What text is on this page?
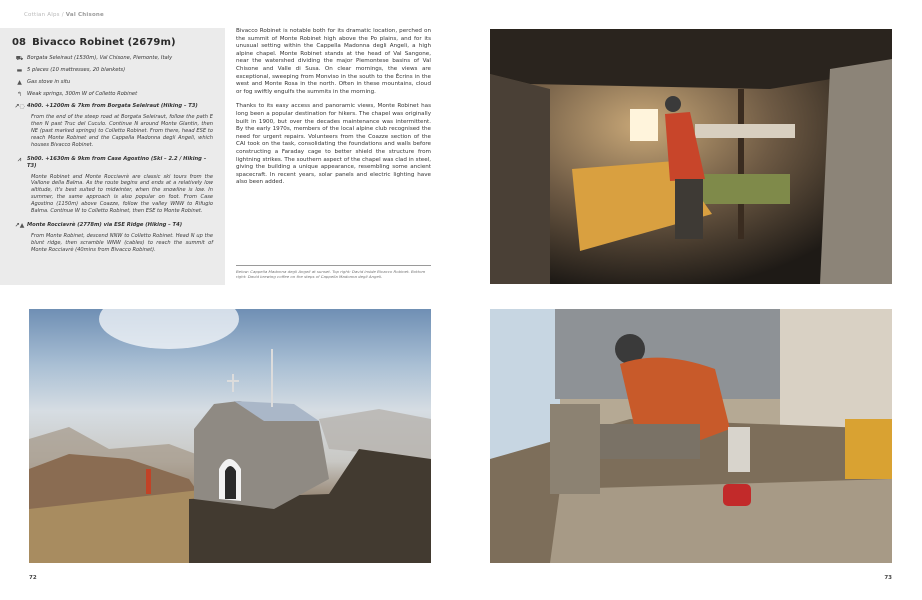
Cottian Alps / Val Chisone
08 Bivacco Robinet (2679m)
⛟ Borgata Seleiraut (1530m), Val Chisone, Piemonte, Italy
▬ 5 places (10 mattresses, 20 blankets)
▲ Gas stove in situ
↰ Weak springs, 300m W of Colletto Robinet
↗◌ 4h00. +1200m & 7km from Borgata Seleiraut (Hiking – T3)

From the end of the steep road at Borgata Seleiraut, follow the path E then N past Truc del Cuculo. Continue N around Monte Glantin, then NE (past marked springs) to Colletto Robinet. From there, head ESE to reach Monte Robinet and the Cappella Madonna degli Angeli, which houses Bivacco Robinet.

⩘	5h00. +1630m & 9km from Case Agostino (Ski – 2.2 / Hiking – T3)

Monte Robinet and Monte Rocciavrè are classic ski tours from the Vallone della Balma. As the route begins and ends at a relatively low altitude, it's best suited to midwinter, when the snowline is low. In summer, the same approach is also popular on foot. From Case Agostino (1150m) above Coazze, follow the valley WNW to Rifugio Balma. Continue W to Colletto Robinet, then ESE to Monte Robinet.

↗▲ Monte Rocciavrè (2778m) via ESE Ridge (Hiking – T4)

From Monte Robinet, descend NNW to Colletto Robinet. Head N up the blunt ridge, then scramble WNW (cables) to reach the summit of Monte Rocciavrè (40mins from Bivacco Robinet).

Bivacco Robinet is notable both for its dramatic location, perched on the summit of Monte Robinet high above the Po plains, and for its unusual setting within the Cappella Madonna degli Angeli, a high alpine chapel. Monte Robinet stands at the head of Val Sangone, near the watershed dividing the major Piemontese basins of Val Chisone and Valle di Susa. On clear mornings, the views are exceptional, sweeping from Monviso in the south to the Écrins in the west and Monte Rosa in the north. Often in these mountains, cloud or fog swiftly engulfs the summits in the morning.

Thanks to its easy access and panoramic views, Monte Robinet has long been a popular destination for hikers. The chapel was originally built in 1900, but over the decades maintenance was intermittent. By the early 1970s, members of the local alpine club recognised the need for urgent repairs. Volunteers from the Coazze section of the CAI took on the task, consolidating the foundations and walls before constructing a Faraday cage to better shield the structure from lightning strikes. The southern aspect of the chapel was clad in steel, giving the building a unique appearance, resembling some ancient spacecraft. In recent years, solar panels and electric lighting have also been added.

Below: Cappella Madonna degli Angeli at sunset. Top right: David inside Bivacco Robinet. Bottom right: David brewing coffee on the steps of Cappella Madonna degli Angeli.

72	73
